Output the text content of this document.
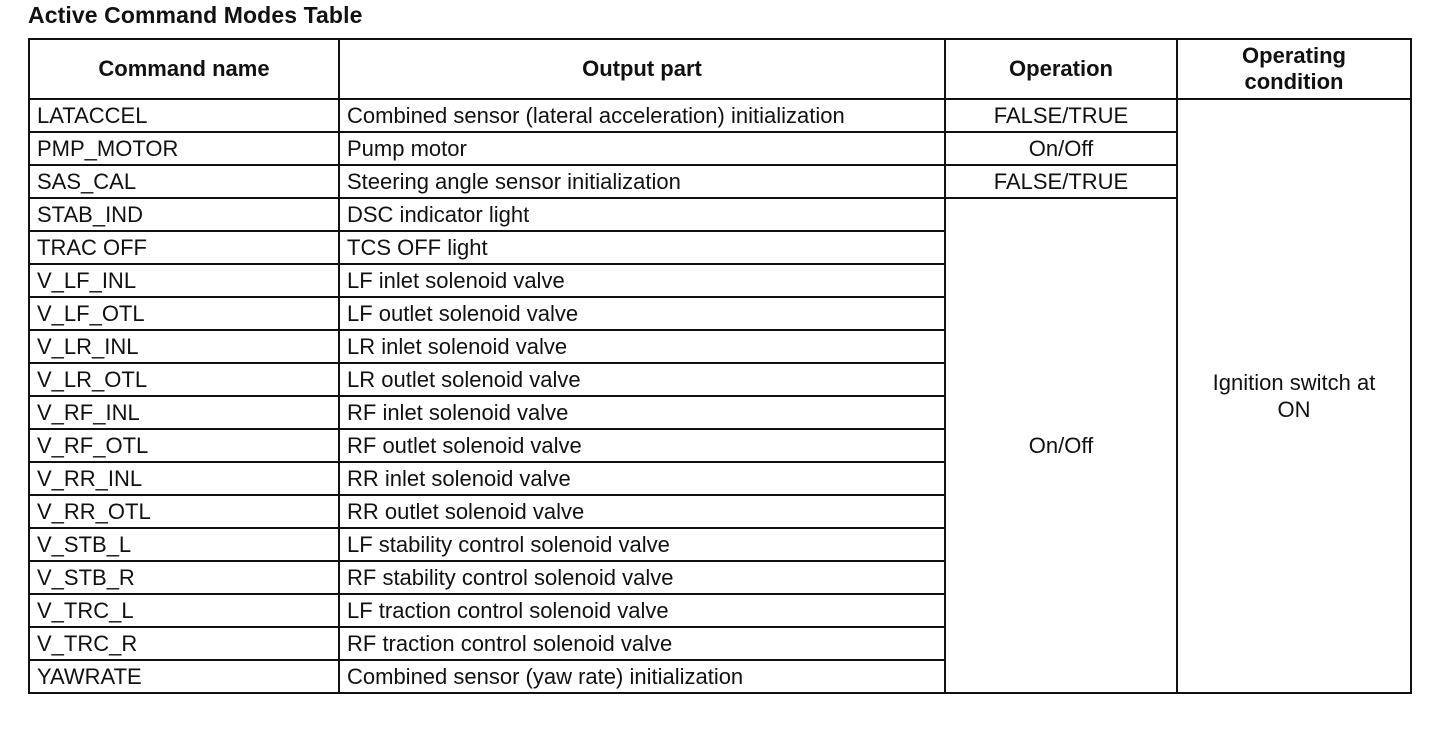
Active Command Modes Table
Command name	Output part	Operation	Operating condition
LATACCEL	Combined sensor (lateral acceleration) initialization	FALSE/TRUE	Ignition switch at ON
PMP_MOTOR	Pump motor	On/Off	
SAS_CAL	Steering angle sensor initialization	FALSE/TRUE	
STAB_IND	DSC indicator light	On/Off	
TRAC OFF	TCS OFF light		
V_LF_INL	LF inlet solenoid valve		
V_LF_OTL	LF outlet solenoid valve		
V_LR_INL	LR inlet solenoid valve		
V_LR_OTL	LR outlet solenoid valve		
V_RF_INL	RF inlet solenoid valve		
V_RF_OTL	RF outlet solenoid valve		
V_RR_INL	RR inlet solenoid valve		
V_RR_OTL	RR outlet solenoid valve		
V_STB_L	LF stability control solenoid valve		
V_STB_R	RF stability control solenoid valve		
V_TRC_L	LF traction control solenoid valve		
V_TRC_R	RF traction control solenoid valve		
YAWRATE	Combined sensor (yaw rate) initialization		
